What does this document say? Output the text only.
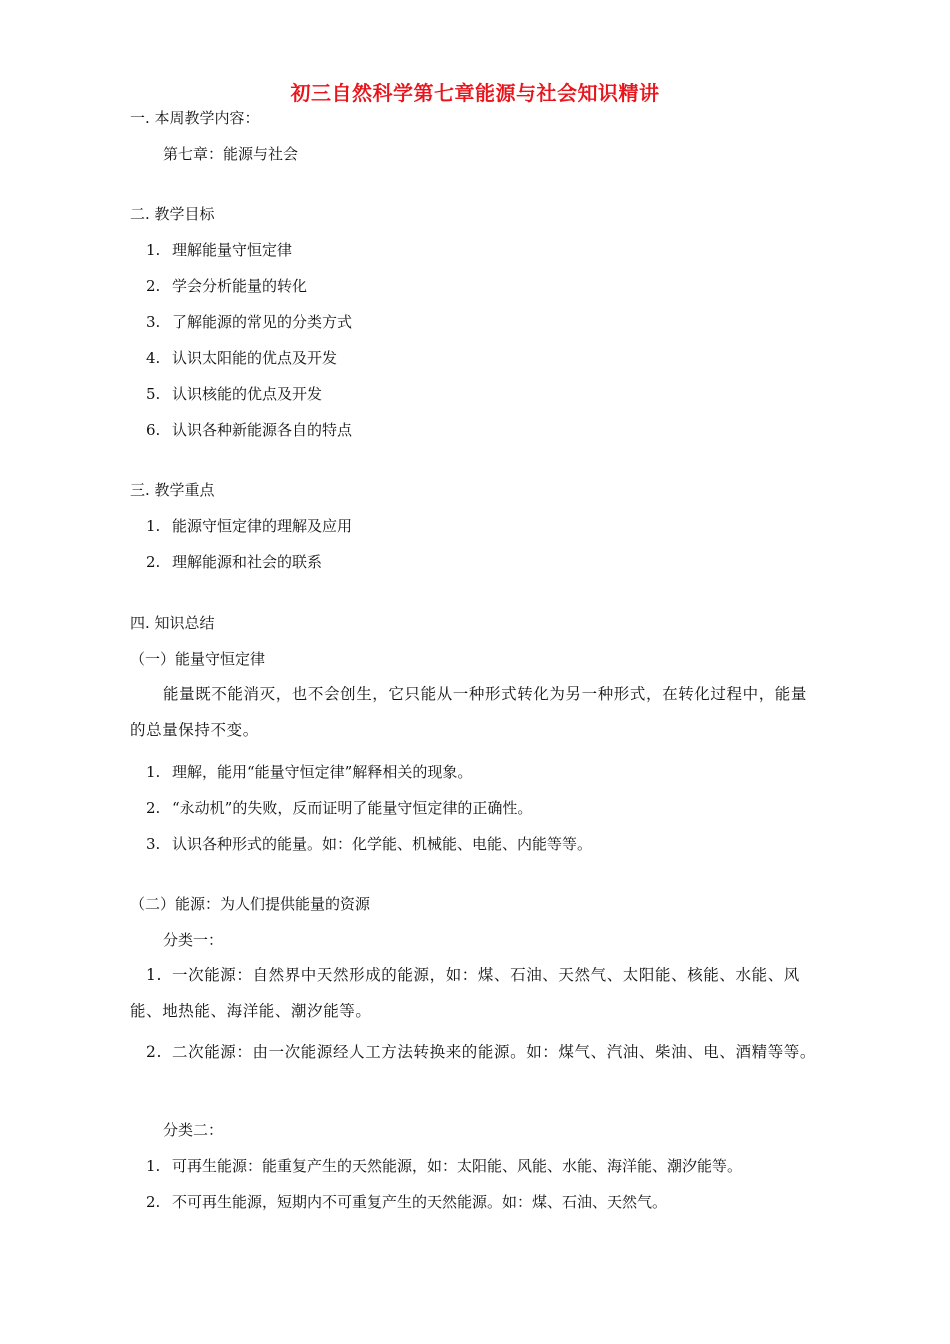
初三自然科学第七章能源与社会知识精讲
一. 本周教学内容：
第七章：能源与社会
二. 教学目标
1. 理解能量守恒定律
2. 学会分析能量的转化
3. 了解能源的常见的分类方式
4. 认识太阳能的优点及开发
5. 认识核能的优点及开发
6. 认识各种新能源各自的特点
三. 教学重点
1. 能源守恒定律的理解及应用
2. 理解能源和社会的联系
四. 知识总结
（一）能量守恒定律
能量既不能消灭，也不会创生，它只能从一种形式转化为另一种形式，在转化过程中，能量的总量保持不变。
1. 理解，能用“能量守恒定律”解释相关的现象。
2. “永动机”的失败，反而证明了能量守恒定律的正确性。
3. 认识各种形式的能量。如：化学能、机械能、电能、内能等等。
（二）能源：为人们提供能量的资源
分类一：
1. 一次能源：自然界中天然形成的能源，如：煤、石油、天然气、太阳能、核能、水能、风能、地热能、海洋能、潮汐能等。
2. 二次能源：由一次能源经人工方法转换来的能源。如：煤气、汽油、柴油、电、酒精等等。
分类二：
1. 可再生能源：能重复产生的天然能源，如：太阳能、风能、水能、海洋能、潮汐能等。
2. 不可再生能源，短期内不可重复产生的天然能源。如：煤、石油、天然气。
